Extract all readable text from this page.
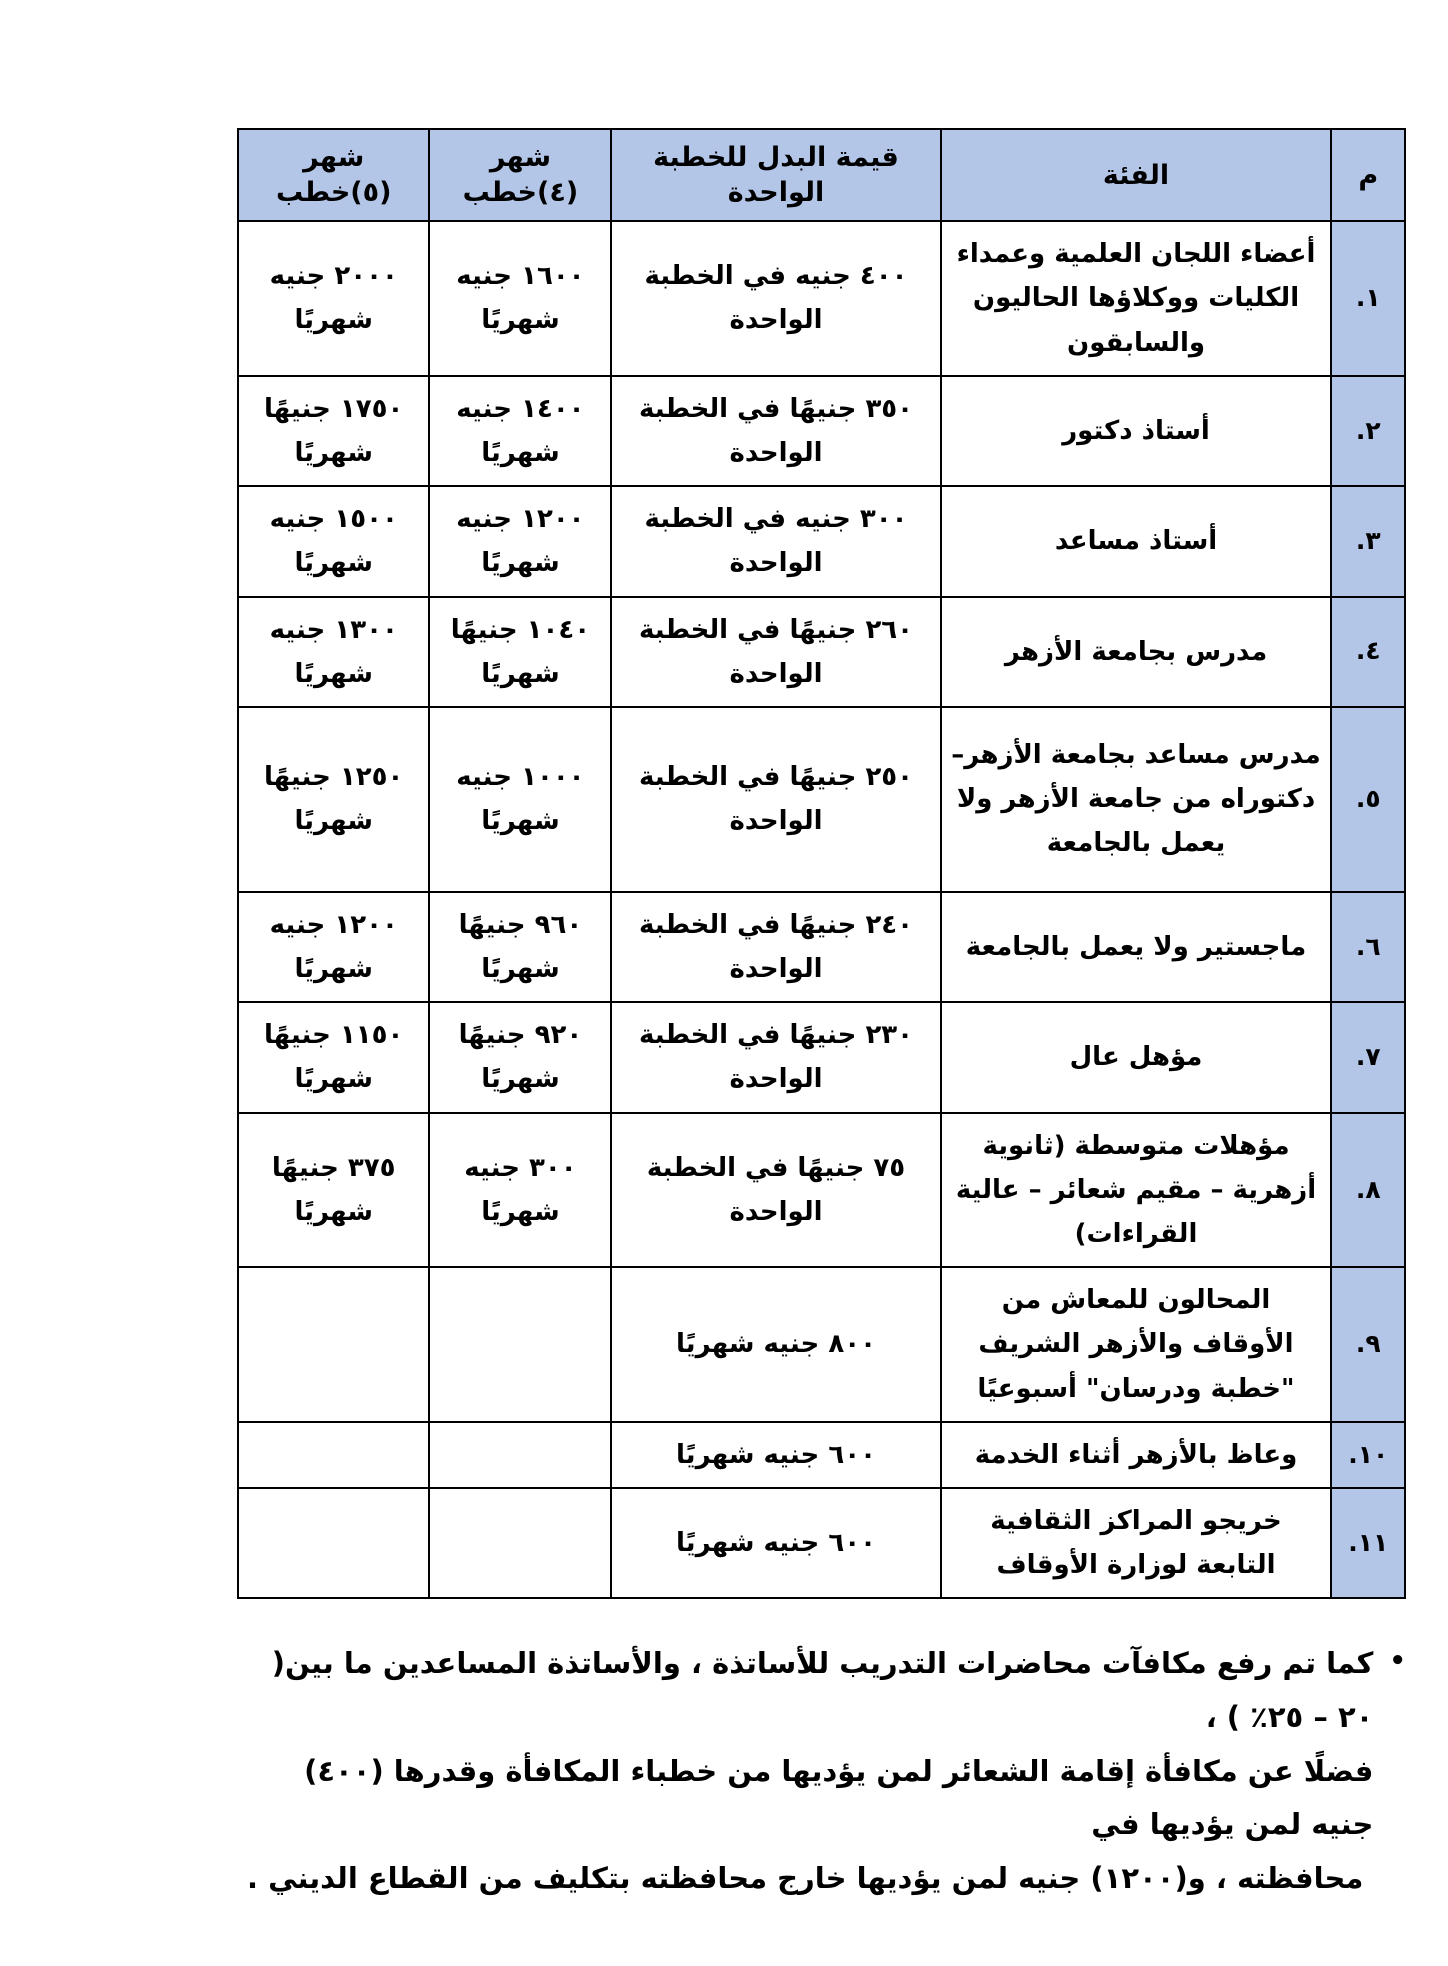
م	الفئة	قيمة البدل للخطبة الواحدة	شهر (٤)خطب	شهر (٥)خطب
١.	أعضاء اللجان العلمية وعمداء الكليات ووكلاؤها الحاليون والسابقون	٤٠٠ جنيه في الخطبة الواحدة	١٦٠٠ جنيه شهريًا	٢٠٠٠ جنيه شهريًا
٢.	أستاذ دكتور	٣٥٠ جنيهًا في الخطبة الواحدة	١٤٠٠ جنيه شهريًا	١٧٥٠ جنيهًا شهريًا
٣.	أستاذ مساعد	٣٠٠ جنيه في الخطبة الواحدة	١٢٠٠ جنيه شهريًا	١٥٠٠ جنيه شهريًا
٤.	مدرس بجامعة الأزهر	٢٦٠ جنيهًا في الخطبة الواحدة	١٠٤٠ جنيهًا شهريًا	١٣٠٠ جنيه شهريًا
٥.	مدرس مساعد بجامعة الأزهر– دكتوراه من جامعة الأزهر ولا يعمل بالجامعة	٢٥٠ جنيهًا في الخطبة الواحدة	١٠٠٠ جنيه شهريًا	١٢٥٠ جنيهًا شهريًا
٦.	ماجستير ولا يعمل بالجامعة	٢٤٠ جنيهًا في الخطبة الواحدة	٩٦٠ جنيهًا شهريًا	١٢٠٠ جنيه شهريًا
٧.	مؤهل عال	٢٣٠ جنيهًا في الخطبة الواحدة	٩٢٠ جنيهًا شهريًا	١١٥٠ جنيهًا شهريًا
٨.	مؤهلات متوسطة (ثانوية أزهرية – مقيم شعائر – عالية القراءات)	٧٥ جنيهًا في الخطبة الواحدة	٣٠٠ جنيه شهريًا	٣٧٥ جنيهًا شهريًا
٩.	المحالون للمعاش من الأوقاف والأزهر الشريف "خطبة ودرسان" أسبوعيًا	٨٠٠ جنيه شهريًا		
١٠.	وعاظ بالأزهر أثناء الخدمة	٦٠٠ جنيه شهريًا		
١١.	خريجو المراكز الثقافية التابعة لوزارة الأوقاف	٦٠٠ جنيه شهريًا		
•
كما تم رفع مكافآت محاضرات التدريب للأساتذة ، والأساتذة المساعدين ما بين( ٢٠ – ٢٥٪ ) ،
فضلًا عن مكافأة إقامة الشعائر لمن يؤديها من خطباء المكافأة وقدرها (٤٠٠) جنيه لمن يؤديها في
محافظته ، و(١٢٠٠) جنيه لمن يؤديها خارج محافظته بتكليف من القطاع الديني .
